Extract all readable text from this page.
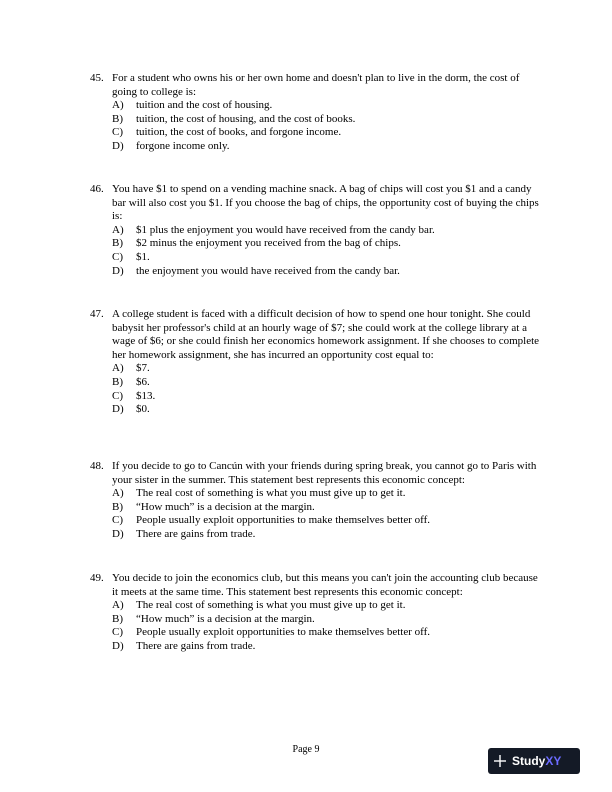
45. For a student who owns his or her own home and doesn't plan to live in the dorm, the cost of going to college is:
A)	tuition and the cost of housing.
B)	tuition, the cost of housing, and the cost of books.
C)	tuition, the cost of books, and forgone income.
D)	forgone income only.
46. You have $1 to spend on a vending machine snack. A bag of chips will cost you $1 and a candy bar will also cost you $1. If you choose the bag of chips, the opportunity cost of buying the chips is:
A)	$1 plus the enjoyment you would have received from the candy bar.
B)	$2 minus the enjoyment you received from the bag of chips.
C)	$1.
D)	the enjoyment you would have received from the candy bar.
47. A college student is faced with a difficult decision of how to spend one hour tonight. She could babysit her professor's child at an hourly wage of $7; she could work at the college library at a wage of $6; or she could finish her economics homework assignment. If she chooses to complete her homework assignment, she has incurred an opportunity cost equal to:
A)	$7.
B)	$6.
C)	$13.
D)	$0.
48. If you decide to go to Cancún with your friends during spring break, you cannot go to Paris with your sister in the summer. This statement best represents this economic concept:
A)	The real cost of something is what you must give up to get it.
B)	“How much” is a decision at the margin.
C)	People usually exploit opportunities to make themselves better off.
D)	There are gains from trade.
49. You decide to join the economics club, but this means you can't join the accounting club because it meets at the same time. This statement best represents this economic concept:
A)	The real cost of something is what you must give up to get it.
B)	“How much” is a decision at the margin.
C)	People usually exploit opportunities to make themselves better off.
D)	There are gains from trade.
Page 9
Study XY
